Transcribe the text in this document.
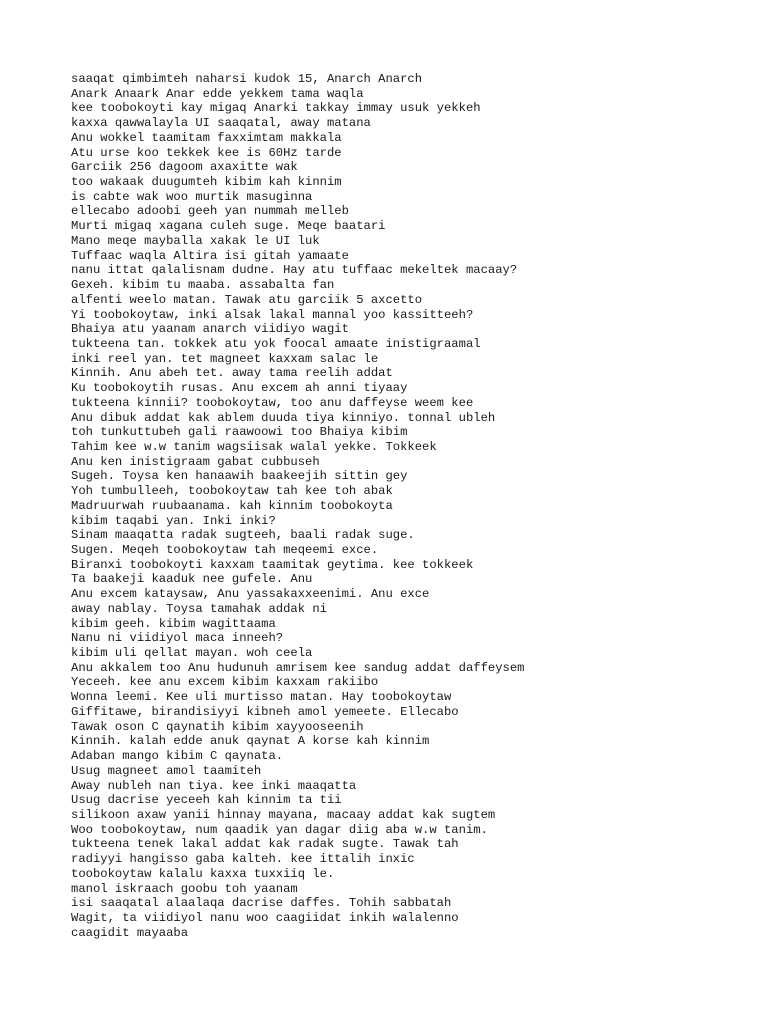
saaqat qimbimteh naharsi kudok 15, Anarch Anarch
Anark Anaark Anar edde yekkem tama waqla
kee toobokoyti kay migaq Anarki takkay immay usuk yekkeh
kaxxa qawwalayla UI saaqatal, away matana
Anu wokkel taamitam faxximtam makkala
Atu urse koo tekkek kee is 60Hz tarde
Garciik 256 dagoom axaxitte wak
too wakaak duugumteh kibim kah kinnim
is cabte wak woo murtik masuginna
ellecabo adoobi geeh yan nummah melleb
Murti migaq xagana culeh suge. Meqe baatari
Mano meqe mayballa xakak le UI luk
Tuffaac waqla Altira isi gitah yamaate
nanu ittat qalalisnam dudne. Hay atu tuffaac mekeltek macaay?
Gexeh. kibim tu maaba. assabalta fan
alfenti weelo matan. Tawak atu garciik 5 axcetto
Yi toobokoytaw, inki alsak lakal mannal yoo kassitteeh?
Bhaiya atu yaanam anarch viidiyo wagit
tukteena tan. tokkek atu yok foocal amaate inistigraamal
inki reel yan. tet magneet kaxxam salac le
Kinnih. Anu abeh tet. away tama reelih addat
Ku toobokoytih rusas. Anu excem ah anni tiyaay
tukteena kinnii? toobokoytaw, too anu daffeyse weem kee
Anu dibuk addat kak ablem duuda tiya kinniyo. tonnal ubleh
toh tunkuttubeh gali raawoowi too Bhaiya kibim
Tahim kee w.w tanim wagsiisak walal yekke. Tokkeek
Anu ken inistigraam gabat cubbuseh
Sugeh. Toysa ken hanaawih baakeejih sittin gey
Yoh tumbulleeh, toobokoytaw tah kee toh abak
Madruurwah ruubaanama. kah kinnim toobokoyta
kibim taqabi yan. Inki inki?
Sinam maaqatta radak sugteeh, baali radak suge.
Sugen. Meqeh toobokoytaw tah meqeemi exce.
Biranxi toobokoyti kaxxam taamitak geytima. kee tokkeek
Ta baakeji kaaduk nee gufele. Anu
Anu excem kataysaw, Anu yassakaxxeenimi. Anu exce
away nablay. Toysa tamahak addak ni
kibim geeh. kibim wagittaama
Nanu ni viidiyol maca inneeh?
kibim uli qellat mayan. woh ceela
Anu akkalem too Anu hudunuh amrisem kee sandug addat daffeysem
Yeceeh. kee anu excem kibim kaxxam rakiibo
Wonna leemi. Kee uli murtisso matan. Hay toobokoytaw
Giffitawe, birandisiyyi kibneh amol yemeete. Ellecabo
Tawak oson C qaynatih kibim xayyooseenih
Kinnih. kalah edde anuk qaynat A korse kah kinnim
Adaban mango kibim C qaynata.
Usug magneet amol taamiteh
Away nubleh nan tiya. kee inki maaqatta
Usug dacrise yeceeh kah kinnim ta tii
silikoon axaw yanii hinnay mayana, macaay addat kak sugtem
Woo toobokoytaw, num qaadik yan dagar diig aba w.w tanim.
tukteena tenek lakal addat kak radak sugte. Tawak tah
radiyyi hangisso gaba kalteh. kee ittalih inxic
toobokoytaw kalalu kaxxa tuxxiiq le.
manol iskraach goobu toh yaanam
isi saaqatal alaalaqa dacrise daffes. Tohih sabbatah
Wagit, ta viidiyol nanu woo caagiidat inkih walalenno
caagidit mayaaba
